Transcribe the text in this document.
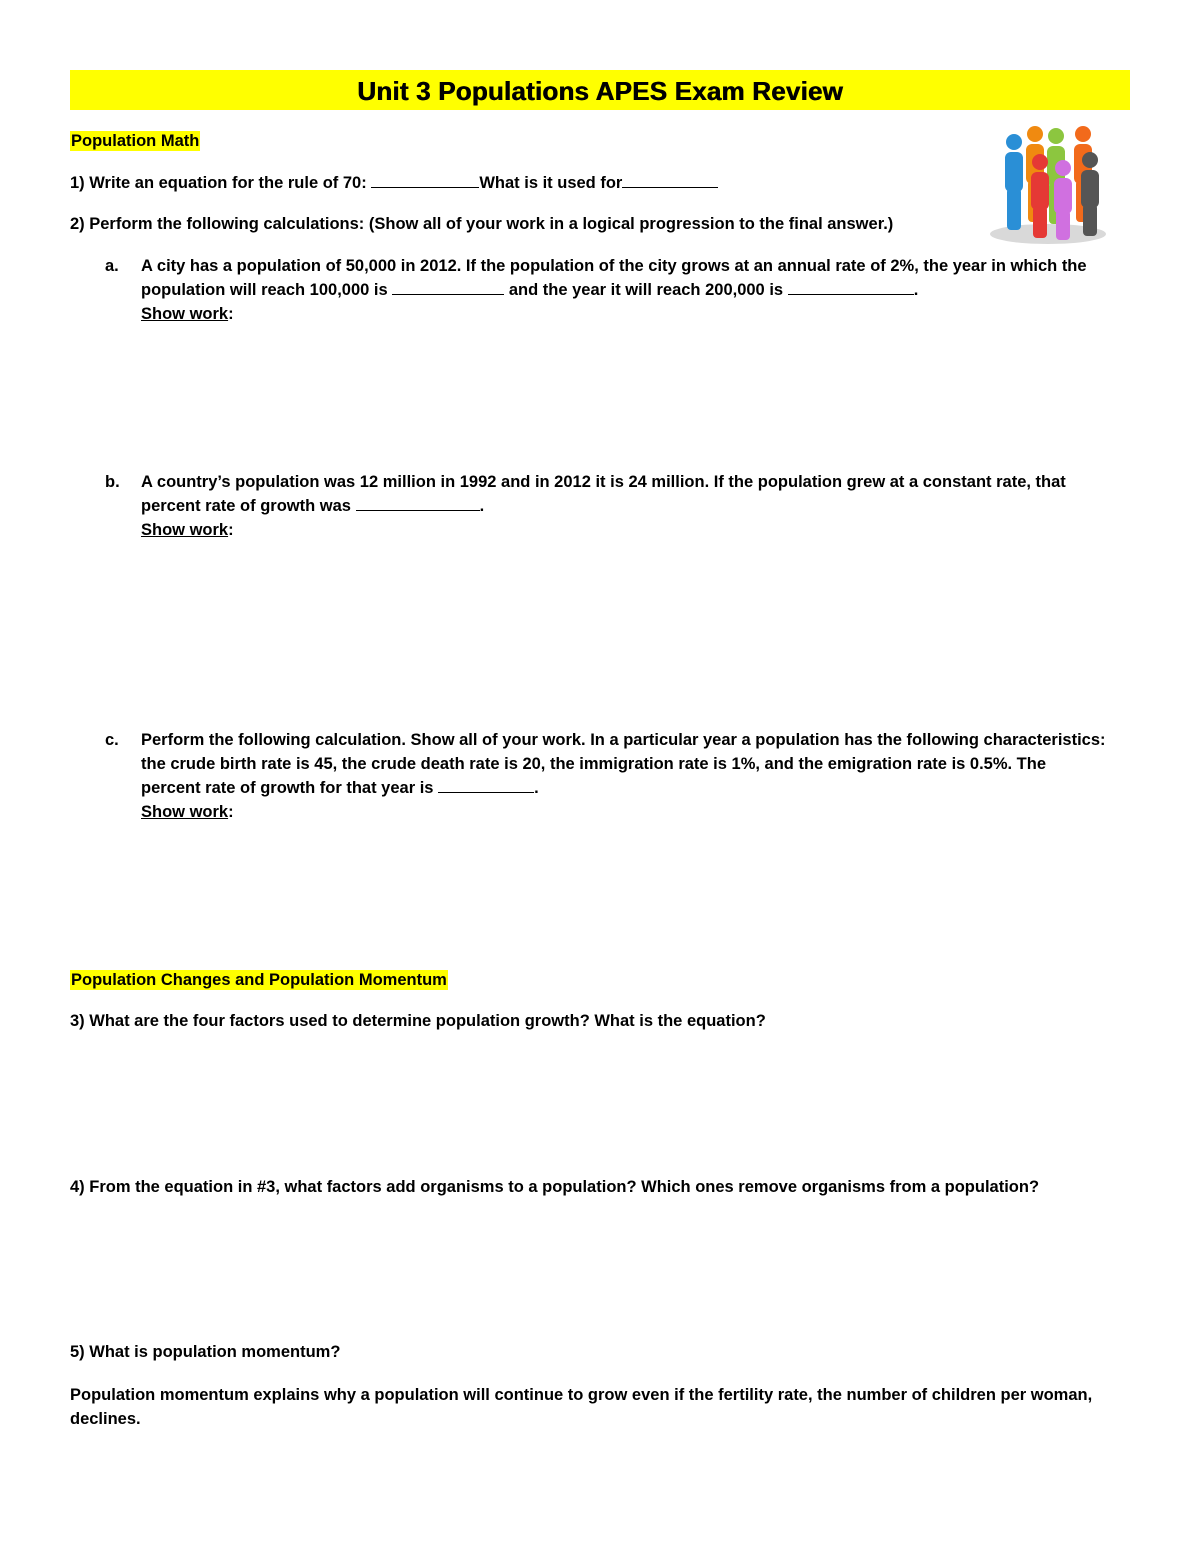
Unit 3 Populations APES Exam Review
Population Math
1) Write an equation for the rule of 70:	What is it used for
2) Perform the following calculations: (Show all of your work in a logical progression to the final answer.)
a. A city has a population of 50,000 in 2012. If the population of the city grows at an annual rate of 2%, the year in which the
population will reach 100,000 is	and the year it will reach 200,000 is	.
Show work:
b. A country’s population was 12 million in 1992 and in 2012 it is 24 million. If the population grew at a constant rate, that
percent rate of growth was	.
Show work:
c. Perform the following calculation. Show all of your work. In a particular year a population has the following characteristics:
the crude birth rate is 45, the crude death rate is 20, the immigration rate is 1%, and the emigration rate is 0.5%. The
percent rate of growth for that year is	.
Show work:
Population Changes and Population Momentum
3) What are the four factors used to determine population growth? What is the equation?
4) From the equation in #3, what factors add organisms to a population? Which ones remove organisms from a population?
5) What is population momentum?
Population momentum explains why a population will continue to grow even if the fertility rate, the number of children per woman,
declines.
